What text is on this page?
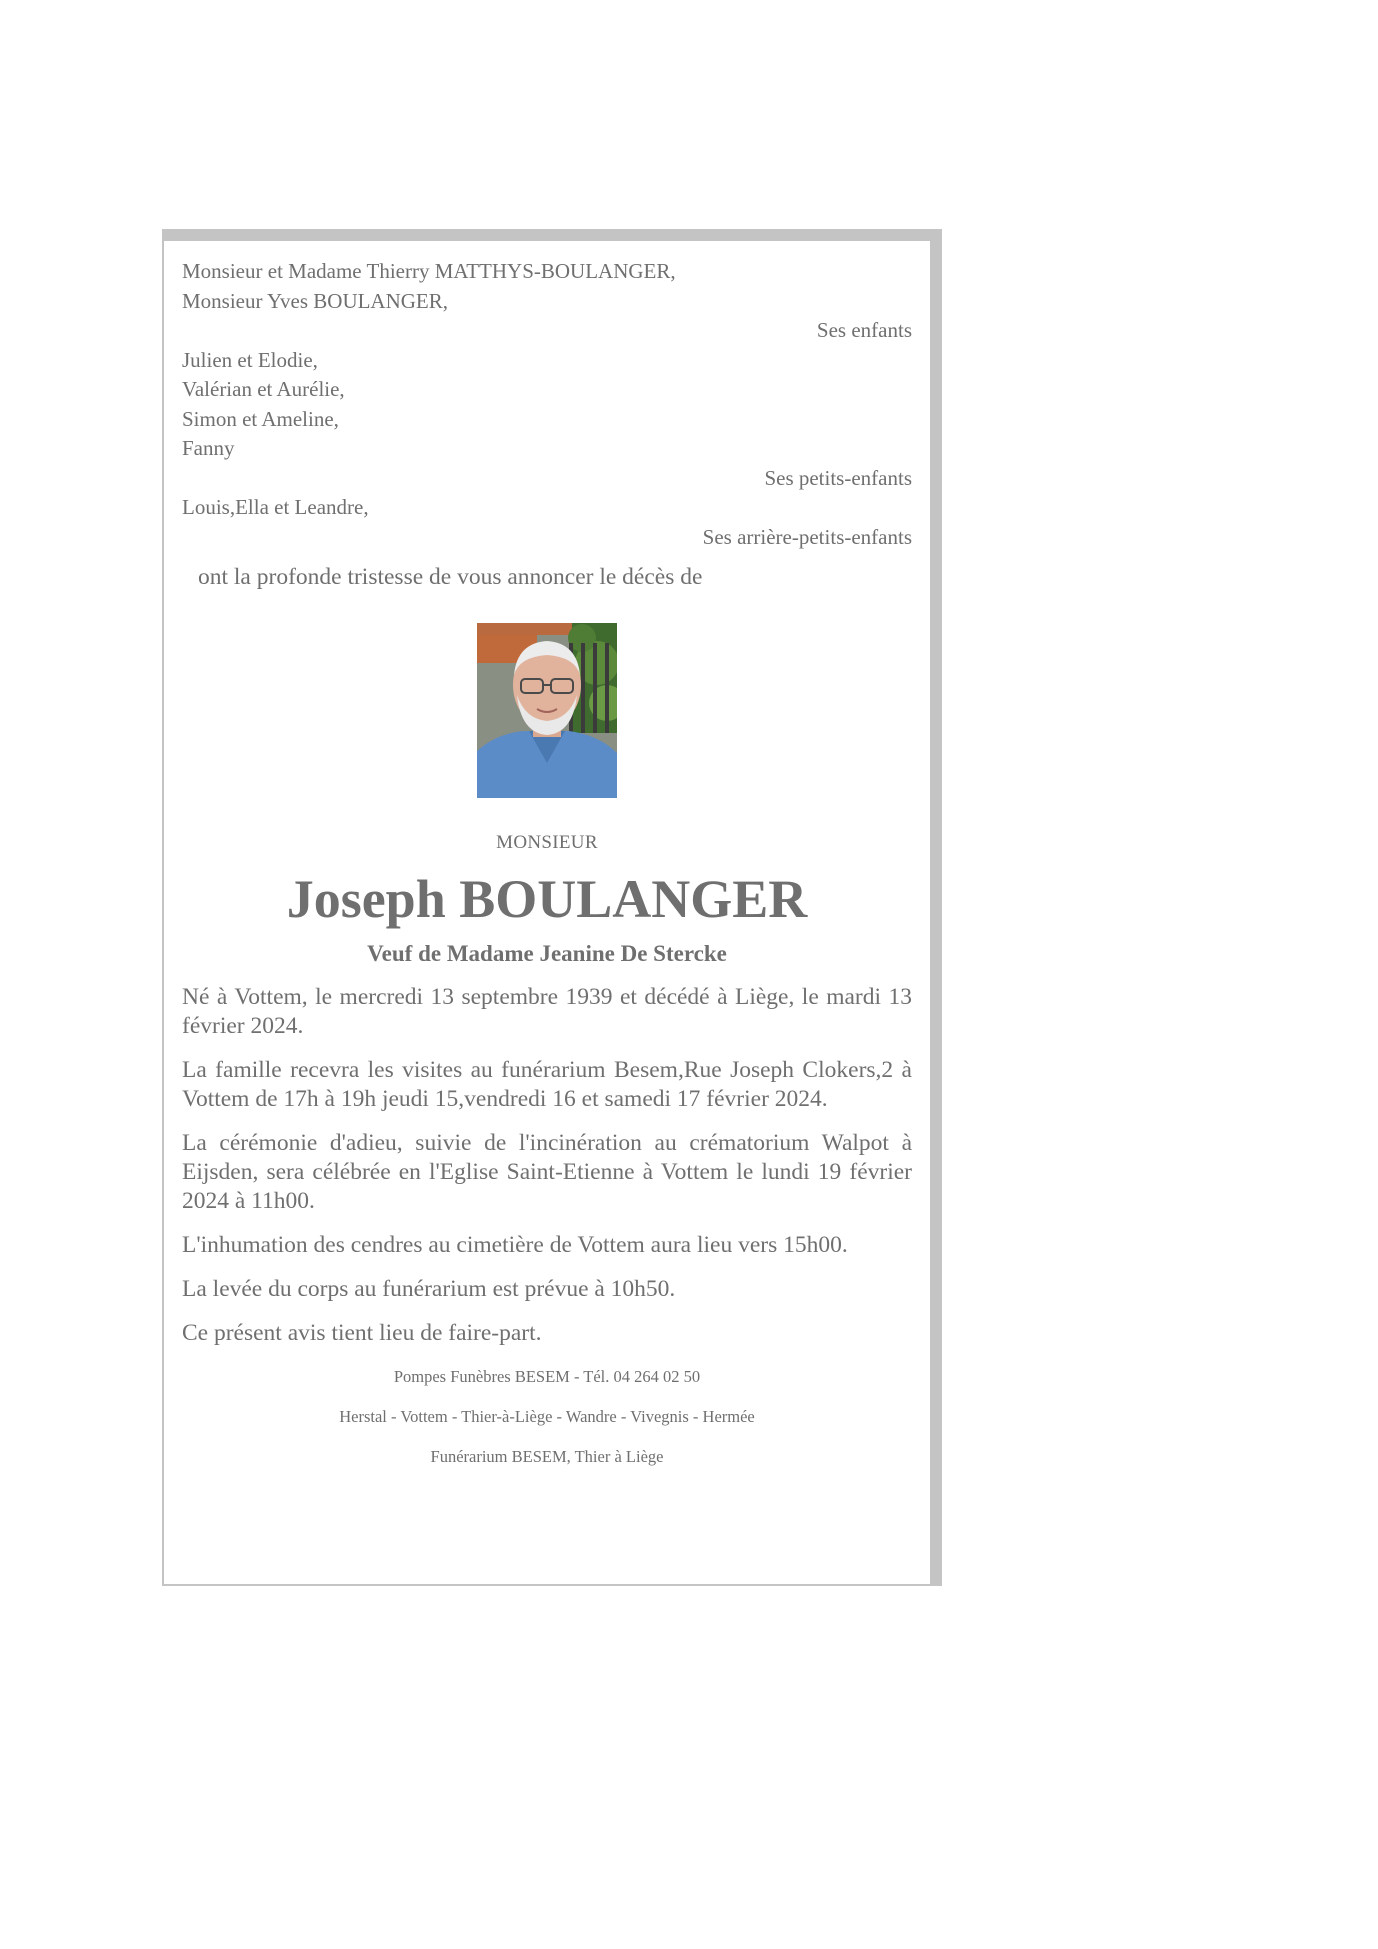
Monsieur et Madame Thierry MATTHYS-BOULANGER,
Monsieur Yves BOULANGER,
Ses enfants
Julien et Elodie,
Valérian et Aurélie,
Simon et Ameline,
Fanny
Ses petits-enfants
Louis,Ella et Leandre,
Ses arrière-petits-enfants
ont la profonde tristesse de vous annoncer le décès de
MONSIEUR
Joseph BOULANGER
Veuf de Madame Jeanine De Stercke
Né à Vottem, le mercredi 13 septembre 1939 et décédé à Liège, le mardi 13 février 2024.
La famille recevra les visites au funérarium Besem,Rue Joseph Clokers,2 à Vottem de 17h à 19h jeudi 15,vendredi 16 et samedi 17 février 2024.
La cérémonie d'adieu, suivie de l'incinération au crématorium Walpot à Eijsden, sera célébrée en l'Eglise Saint-Etienne à Vottem le lundi 19 février 2024 à 11h00.
L'inhumation des cendres au cimetière de Vottem aura lieu vers 15h00.
La levée du corps au funérarium est prévue à 10h50.
Ce présent avis tient lieu de faire-part.
Pompes Funèbres BESEM - Tél. 04 264 02 50
Herstal - Vottem - Thier-à-Liège - Wandre - Vivegnis - Hermée
Funérarium BESEM, Thier à Liège
